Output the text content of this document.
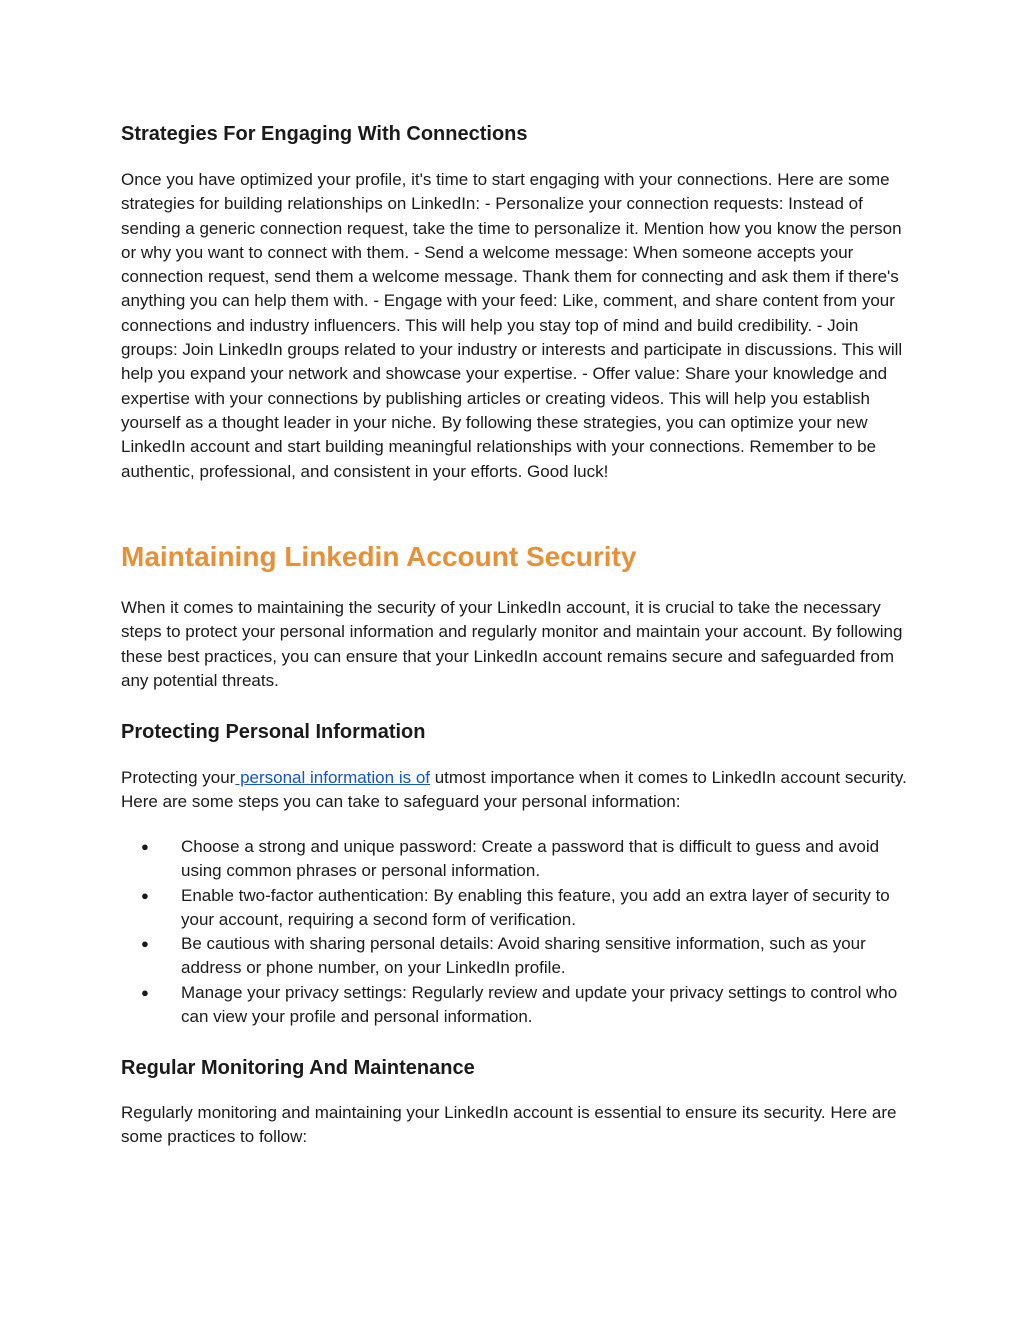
Strategies For Engaging With Connections

Once you have optimized your profile, it's time to start engaging with your connections. Here are some strategies for building relationships on LinkedIn: - Personalize your connection requests: Instead of sending a generic connection request, take the time to personalize it. Mention how you know the person or why you want to connect with them. - Send a welcome message: When someone accepts your connection request, send them a welcome message. Thank them for connecting and ask them if there's anything you can help them with. - Engage with your feed: Like, comment, and share content from your connections and industry influencers. This will help you stay top of mind and build credibility. - Join groups: Join LinkedIn groups related to your industry or interests and participate in discussions. This will help you expand your network and showcase your expertise. - Offer value: Share your knowledge and expertise with your connections by publishing articles or creating videos. This will help you establish yourself as a thought leader in your niche. By following these strategies, you can optimize your new LinkedIn account and start building meaningful relationships with your connections. Remember to be authentic, professional, and consistent in your efforts. Good luck!

Maintaining Linkedin Account Security

When it comes to maintaining the security of your LinkedIn account, it is crucial to take the necessary steps to protect your personal information and regularly monitor and maintain your account. By following these best practices, you can ensure that your LinkedIn account remains secure and safeguarded from any potential threats.

Protecting Personal Information

Protecting your personal information is of utmost importance when it comes to LinkedIn account security. Here are some steps you can take to safeguard your personal information:

● Choose a strong and unique password: Create a password that is difficult to guess and avoid using common phrases or personal information.
● Enable two-factor authentication: By enabling this feature, you add an extra layer of security to your account, requiring a second form of verification.
● Be cautious with sharing personal details: Avoid sharing sensitive information, such as your address or phone number, on your LinkedIn profile.
● Manage your privacy settings: Regularly review and update your privacy settings to control who can view your profile and personal information.
Regular Monitoring And Maintenance

Regularly monitoring and maintaining your LinkedIn account is essential to ensure its security. Here are some practices to follow:
